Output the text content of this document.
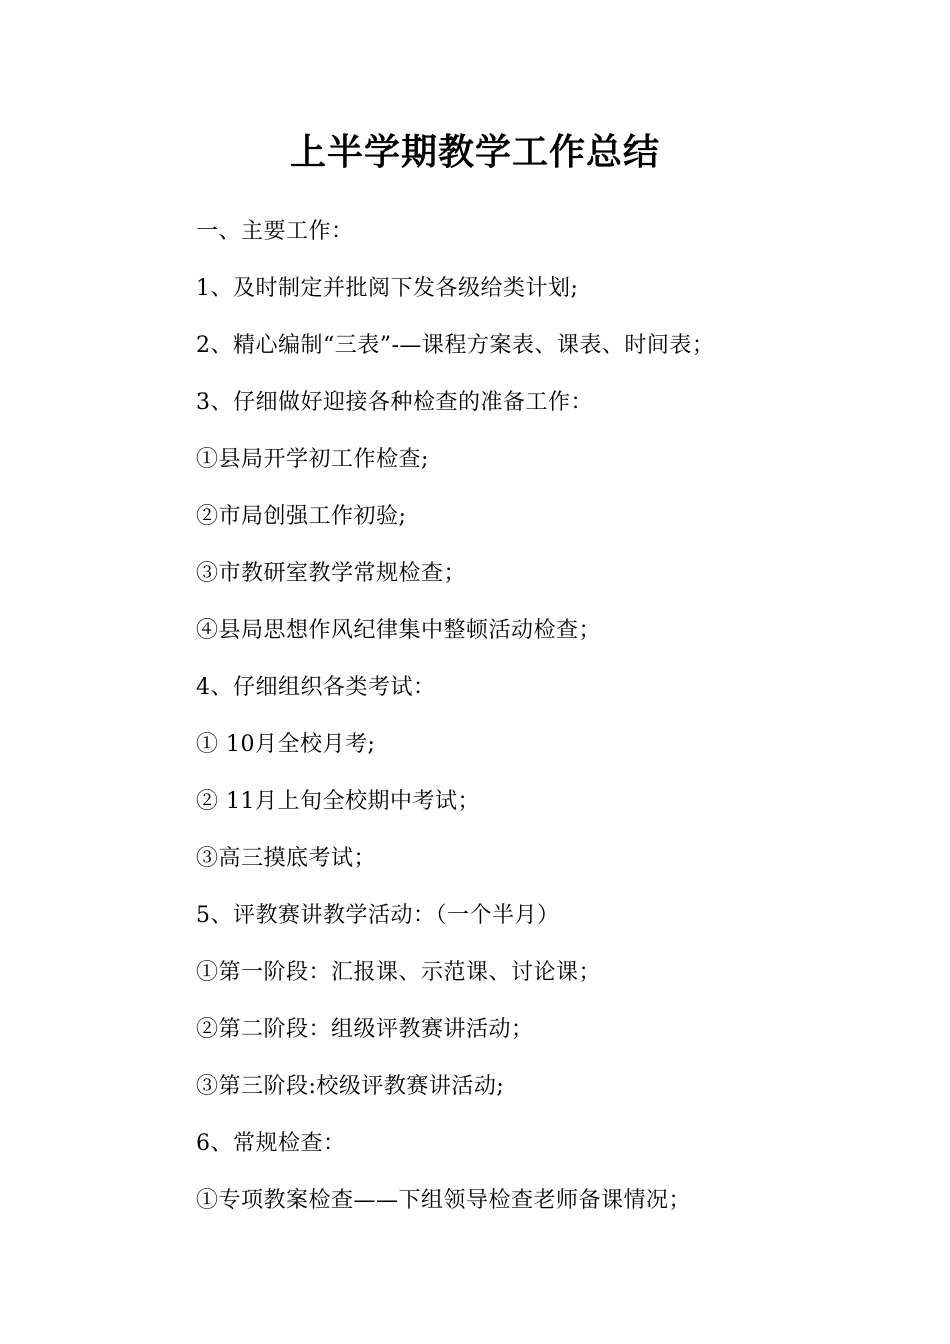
上半学期教学工作总结
一、主要工作：
1、及时制定并批阅下发各级给类计划;
2、精心编制“三表”-—课程方案表、课表、时间表；
3、仔细做好迎接各种检查的准备工作：
①县局开学初工作检查;
②市局创强工作初验;
③市教研室教学常规检查；
④县局思想作风纪律集中整顿活动检查；
4、仔细组织各类考试：
① 10月全校月考;
② 11月上旬全校期中考试；
③高三摸底考试；
5、评教赛讲教学活动：（一个半月）
①第一阶段：汇报课、示范课、讨论课；
②第二阶段：组级评教赛讲活动；
③第三阶段:校级评教赛讲活动;
6、常规检查：
①专项教案检查——下组领导检查老师备课情况；
